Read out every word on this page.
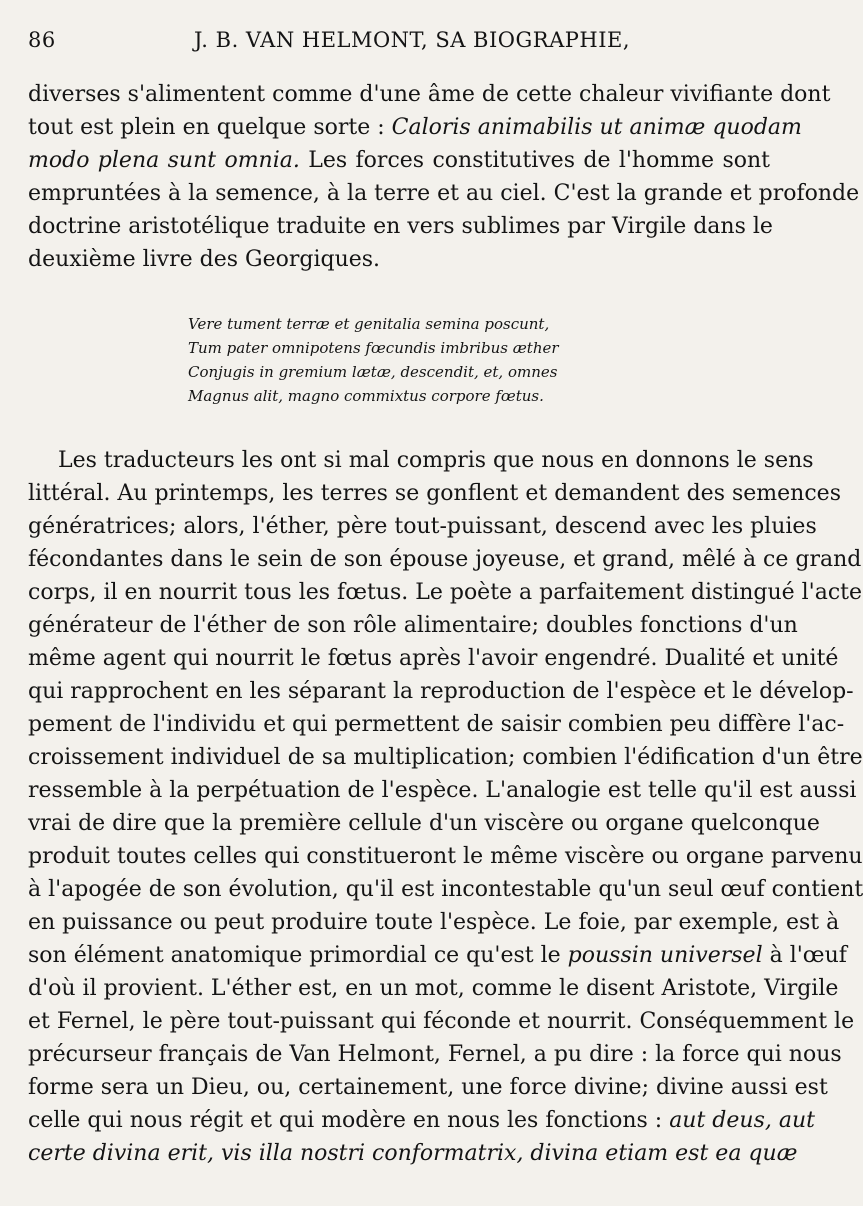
86	J. B. VAN HELMONT, SA BIOGRAPHIE,
diverses s'alimentent comme d'une âme de cette chaleur vivifiante dont
tout est plein en quelque sorte : Caloris animabilis ut animæ quodam
modo plena sunt omnia. Les forces constitutives de l'homme sont
empruntées à la semence, à la terre et au ciel. C'est la grande et profonde
doctrine aristotélique traduite en vers sublimes par Virgile dans le
deuxième livre des Georgiques.
Vere tument terræ et genitalia semina poscunt,
Tum pater omnipotens fœcundis imbribus æther
Conjugis in gremium lætæ, descendit, et, omnes
Magnus alit, magno commixtus corpore fœtus.
Les traducteurs les ont si mal compris que nous en donnons le sens
littéral. Au printemps, les terres se gonflent et demandent des semences
génératrices; alors, l'éther, père tout-puissant, descend avec les pluies
fécondantes dans le sein de son épouse joyeuse, et grand, mêlé à ce grand
corps, il en nourrit tous les fœtus. Le poète a parfaitement distingué l'acte
générateur de l'éther de son rôle alimentaire; doubles fonctions d'un
même agent qui nourrit le fœtus après l'avoir engendré. Dualité et unité
qui rapprochent en les séparant la reproduction de l'espèce et le dévelop-
pement de l'individu et qui permettent de saisir combien peu diffère l'ac-
croissement individuel de sa multiplication; combien l'édification d'un être
ressemble à la perpétuation de l'espèce. L'analogie est telle qu'il est aussi
vrai de dire que la première cellule d'un viscère ou organe quelconque
produit toutes celles qui constitueront le même viscère ou organe parvenu
à l'apogée de son évolution, qu'il est incontestable qu'un seul œuf contient
en puissance ou peut produire toute l'espèce. Le foie, par exemple, est à
son élément anatomique primordial ce qu'est le poussin universel à l'œuf
d'où il provient. L'éther est, en un mot, comme le disent Aristote, Virgile
et Fernel, le père tout-puissant qui féconde et nourrit. Conséquemment le
précurseur français de Van Helmont, Fernel, a pu dire : la force qui nous
forme sera un Dieu, ou, certainement, une force divine; divine aussi est
celle qui nous régit et qui modère en nous les fonctions : aut deus, aut
certe divina erit, vis illa nostri conformatrix, divina etiam est ea quæ
